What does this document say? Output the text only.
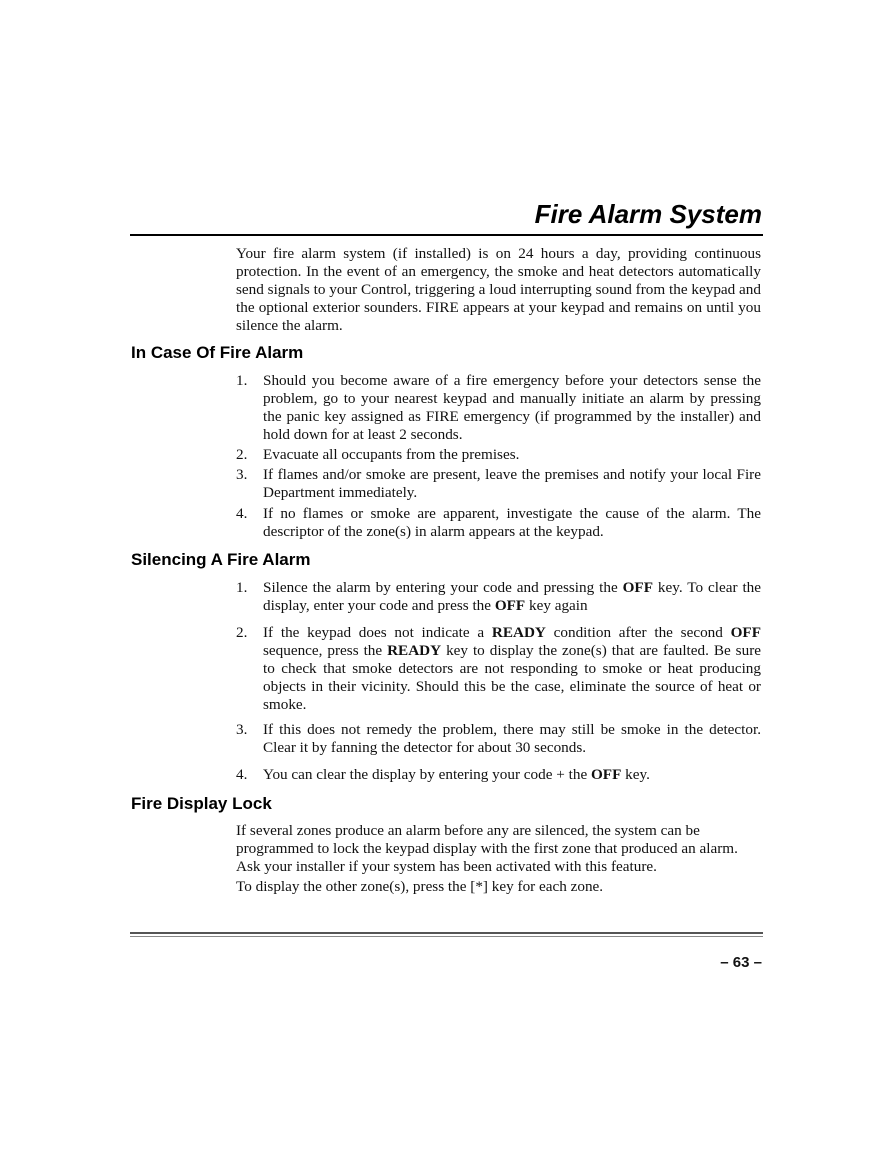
Fire Alarm System

Your fire alarm system (if installed) is on 24 hours a day, providing continuous protection. In the event of an emergency, the smoke and heat detectors automatically send signals to your Control, triggering a loud interrupting sound from the keypad and the optional exterior sounders. FIRE appears at your keypad and remains on until you silence the alarm.

In Case Of Fire Alarm
1.	Should you become aware of a fire emergency before your detectors sense the problem, go to your nearest keypad and manually initiate an alarm by pressing the panic key assigned as FIRE emergency (if programmed by the installer) and hold down for at least 2 seconds.
2.	Evacuate all occupants from the premises.
3.	If flames and/or smoke are present, leave the premises and notify your local Fire Department immediately.
4.	If no flames or smoke are apparent, investigate the cause of the alarm. The descriptor of the zone(s) in alarm appears at the keypad.
Silencing A Fire Alarm
1.	Silence the alarm by entering your code and pressing the OFF key. To clear the display, enter your code and press the OFF key again
2.	If the keypad does not indicate a READY condition after the second OFF sequence, press the READY key to display the zone(s) that are faulted. Be sure to check that smoke detectors are not responding to smoke or heat producing objects in their vicinity. Should this be the case, eliminate the source of heat or smoke.
3.	If this does not remedy the problem, there may still be smoke in the detector. Clear it by fanning the detector for about 30 seconds.
4.	You can clear the display by entering your code + the OFF key.
Fire Display Lock

If several zones produce an alarm before any are silenced, the system can be programmed to lock the keypad display with the first zone that produced an alarm. Ask your installer if your system has been activated with this feature.

To display the other zone(s), press the [*] key for each zone.

– 63 –
